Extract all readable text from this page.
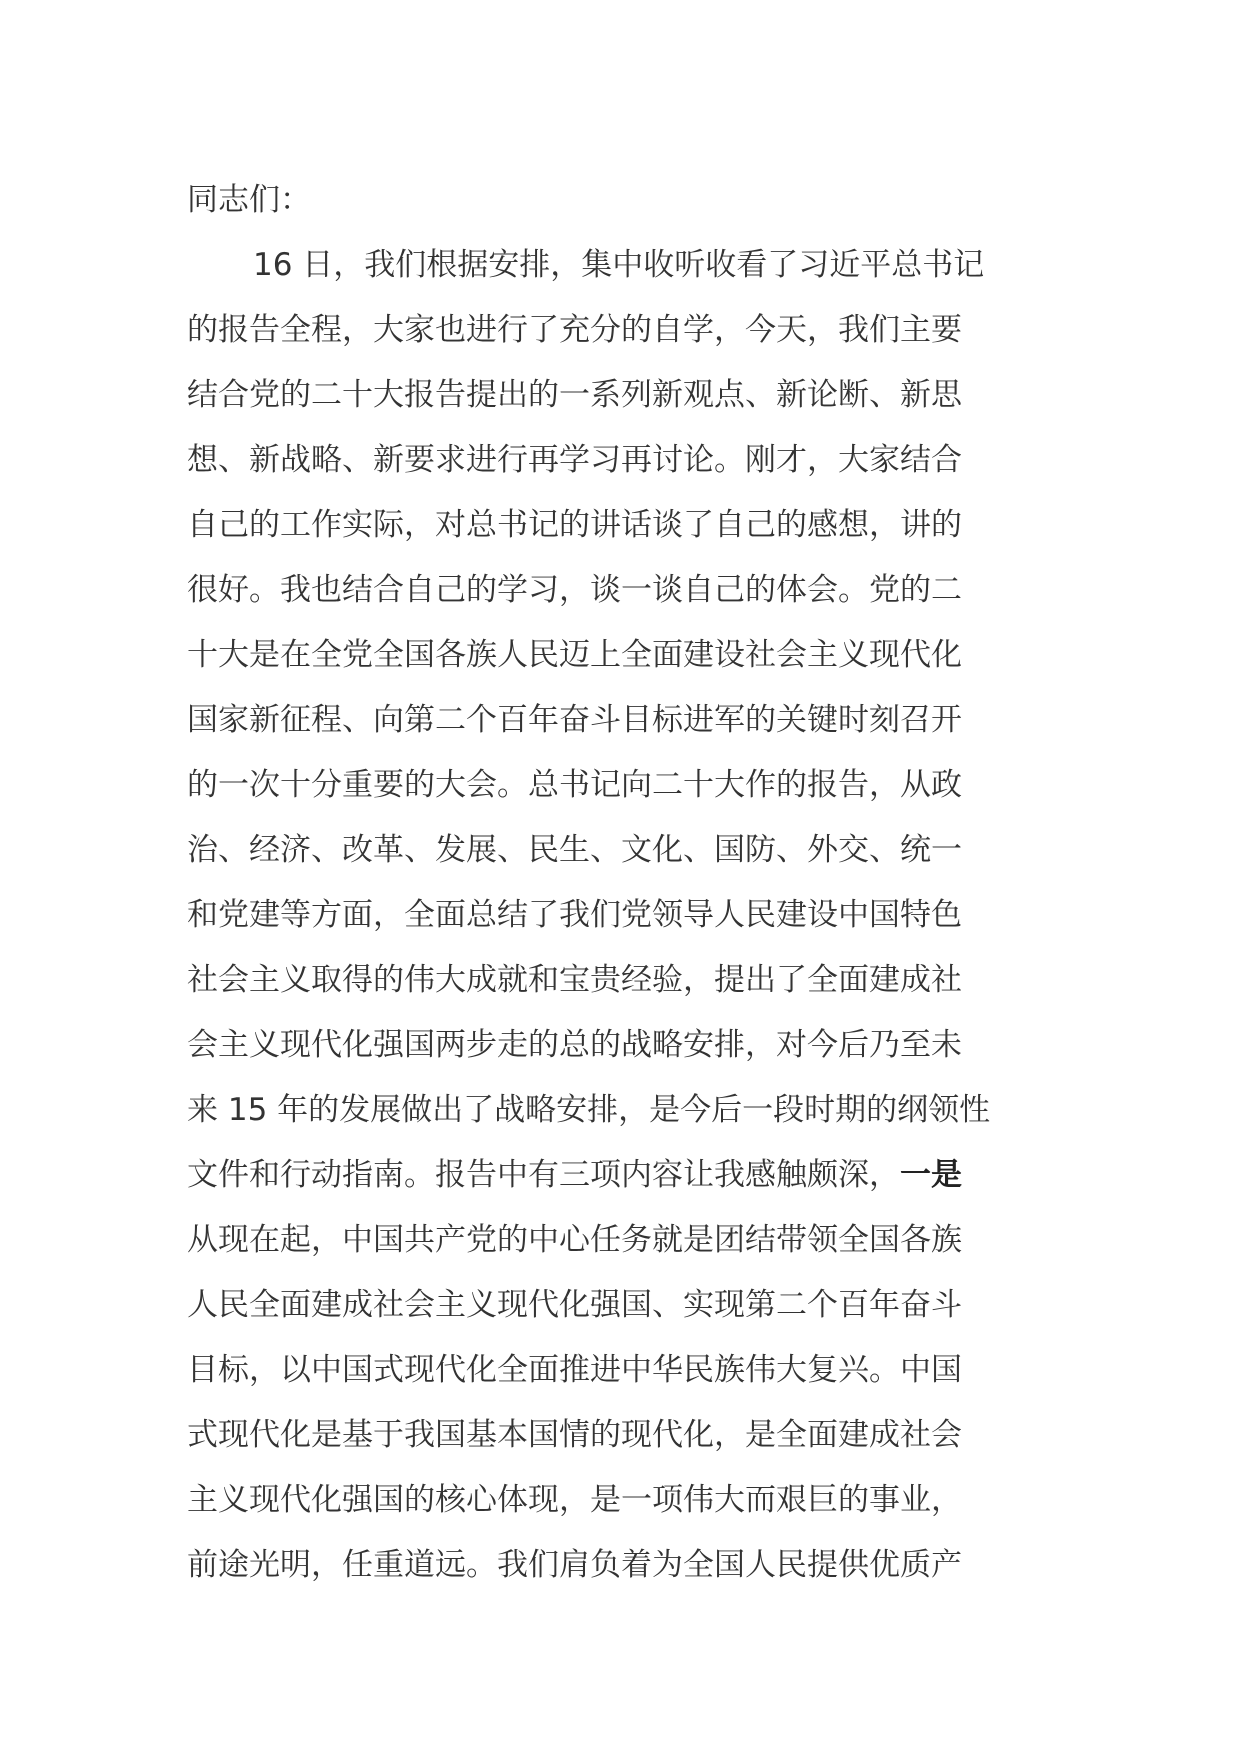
同志们：
16 日，我们根据安排，集中收听收看了习近平总书记
的报告全程，大家也进行了充分的自学，今天，我们主要
结合党的二十大报告提出的一系列新观点、新论断、新思
想、新战略、新要求进行再学习再讨论。刚才，大家结合
自己的工作实际，对总书记的讲话谈了自己的感想，讲的
很好。我也结合自己的学习，谈一谈自己的体会。党的二
十大是在全党全国各族人民迈上全面建设社会主义现代化
国家新征程、向第二个百年奋斗目标进军的关键时刻召开
的一次十分重要的大会。总书记向二十大作的报告，从政
治、经济、改革、发展、民生、文化、国防、外交、统一
和党建等方面，全面总结了我们党领导人民建设中国特色
社会主义取得的伟大成就和宝贵经验，提出了全面建成社
会主义现代化强国两步走的总的战略安排，对今后乃至未
来 15 年的发展做出了战略安排，是今后一段时期的纲领性
文件和行动指南。报告中有三项内容让我感触颇深，一是
从现在起，中国共产党的中心任务就是团结带领全国各族
人民全面建成社会主义现代化强国、实现第二个百年奋斗
目标，以中国式现代化全面推进中华民族伟大复兴。中国
式现代化是基于我国基本国情的现代化，是全面建成社会
主义现代化强国的核心体现，是一项伟大而艰巨的事业，
前途光明，任重道远。我们肩负着为全国人民提供优质产
